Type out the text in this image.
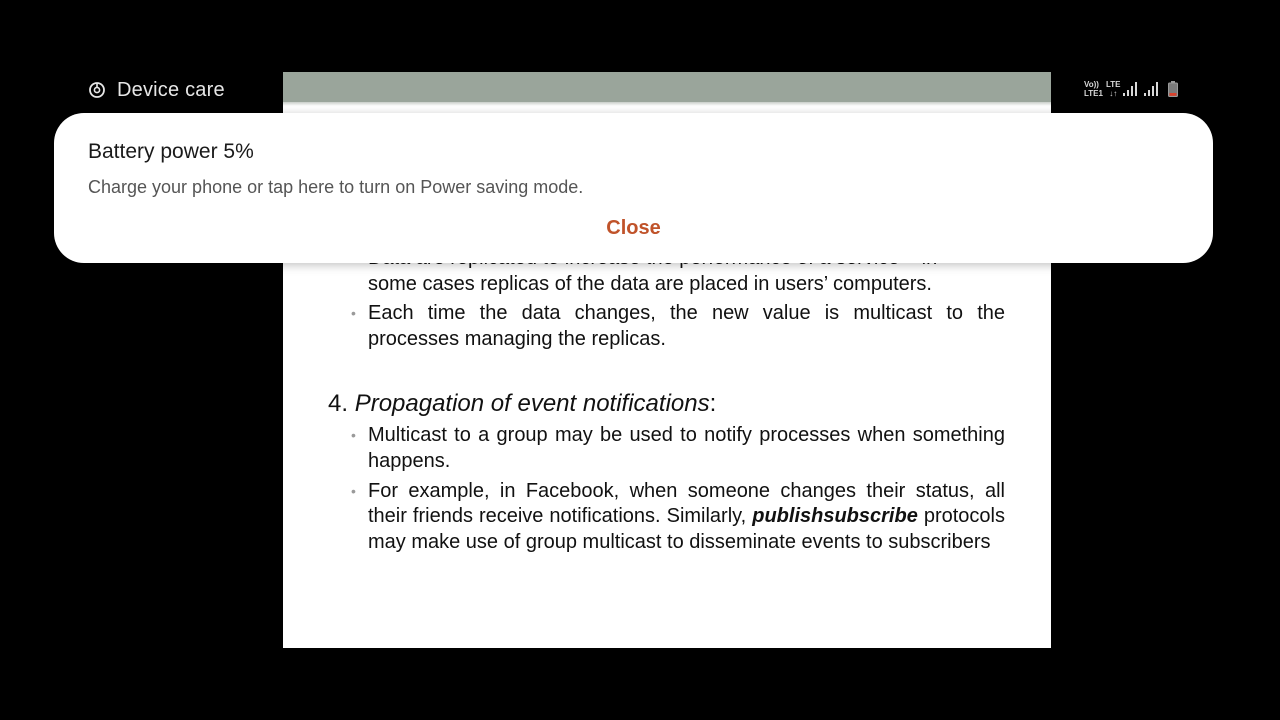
Device care	Vo))
LTE1
LTE
↓↑
some cases replicas of the data are placed in users’ computers.
• Each time the data changes, the new value is multicast to the processes managing the replicas.
4. Propagation of event notifications:
• Multicast to a group may be used to notify processes when something happens.
• For example, in Facebook, when someone changes their status, all their friends receive notifications. Similarly, publishsubscribe protocols may make use of group multicast to disseminate events to subscribers
Battery power 5%
Charge your phone or tap here to turn on Power saving mode.
Close
